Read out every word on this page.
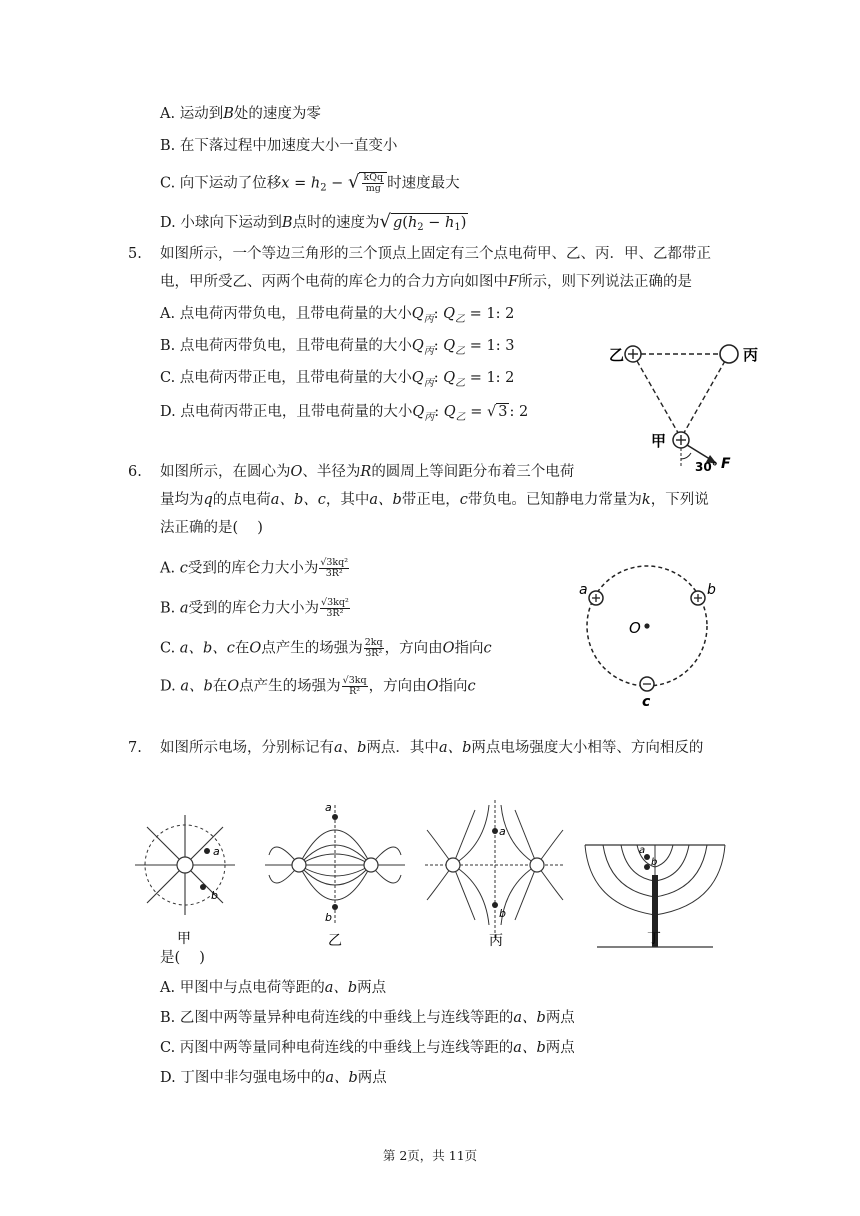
A. 运动到B处的速度为零
B. 在下落过程中加速度大小一直变小
C. 向下运动了位移$x = h_2$ − √ $\frac{\text{kQq}}{mg}$ 时速度最大
D. 小球向下运动到B点时的速度为√ $g(h_2 - h_1)$
5. 如图所示，一个等边三角形的三个顶点上固定有三个点电荷甲、乙、丙．甲、乙都带正
电，甲所受乙、丙两个电荷的库仑力的合力方向如图中F所示，则下列说法正确的是
A. 点电荷丙带负电，且带电荷量的大小$Q_丙$: $Q_乙 = 1$: 2
B. 点电荷丙带负电，且带电荷量的大小$Q_丙$: $Q_乙 = 1$: 3
C. 点电荷丙带正电，且带电荷量的大小$Q_丙$: $Q_乙 = 1$: 2
D. 点电荷丙带正电，且带电荷量的大小$Q_丙$: $Q_乙$ = √ 3 : 2
乙	丙
甲
30° F
6. 如图所示，在圆心为O、半径为R的圆周上等间距分布着三个电荷
量均为q的点电荷a、b、c，其中a、b带正电，c带负电。已知静电力常量为k，下列说
法正确的是(　 )
A. c受到的库仑力大小为 $\frac{\text{√3kq²}}{\text{3R²}}$
B. a受到的库仑力大小为 $\frac{\text{√3kq²}}{\text{3R²}}$
C. a、b、c在O点产生的场强为 $\frac{2kq}{\text{3R²}}$ ，方向由O指向c
D. a、b在O点产生的场强为 $\frac{√3kq}{\text{R²}}$ ，方向由O指向c
a	b
c
O
7. 如图所示电场，分别标记有a、b两点．其中a、b两点电场强度大小相等、方向相反的
a
b
a
b
a
b
a
b
甲	乙	丙	丁
是(　 )
A. 甲图中与点电荷等距的a、b两点
B. 乙图中两等量异种电荷连线的中垂线上与连线等距的a、b两点
C. 丙图中两等量同种电荷连线的中垂线上与连线等距的a、b两点
D. 丁图中非匀强电场中的a、b两点
第 2页，共 11页
